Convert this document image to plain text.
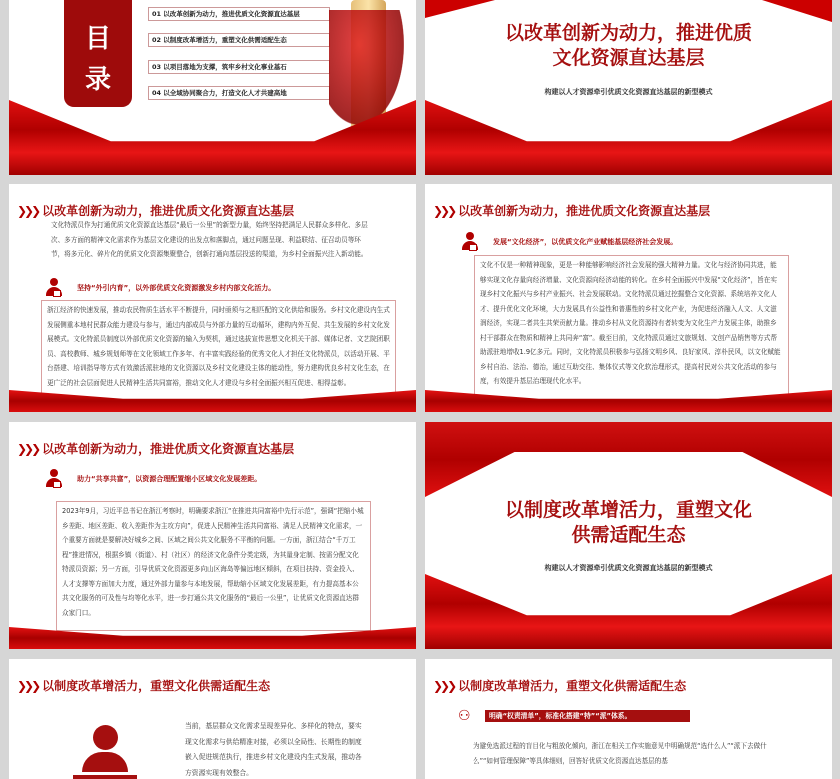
目
录
01 以改革创新为动力，推进优质文化资源直达基层
02 以制度改革增活力，重塑文化供需适配生态
03 以项目落地为支撑，筑牢乡村文化事业基石
04 以全域协同聚合力，打造文化人才共建高地
以改革创新为动力，推进优质
文化资源直达基层
构建以人才资源牵引优质文化资源直达基层的新型模式
❯❯❯ 以改革创新为动力，推进优质文化资源直达基层
文化特派员作为打通优质文化资源直达基层“最后一公里”的新型力量，始终坚持把满足人民群众多样化、多层次、多方面的精神文化需求作为基层文化建设的出发点和落脚点，通过问题呈现、利益联结、征召动员等环节，将多元化、碎片化的优质文化资源集聚整合，创新打通向基层投送的渠道，为乡村全面振兴注入新动能。
坚持“外引内育”，以外部优质文化资源激发乡村内部文化活力。
浙江经济的快速发展，推动农民物质生活水平不断提升，同时亟须与之相匹配的文化供给和服务。乡村文化建设内生式发展侧重本地村民群众能力建设与参与，通过内部成员与外部力量的互动循环，建构内外互促、共生发展的乡村文化发展模式。文化特派员制度以外部优质文化资源的输入为契机，通过选拔宣传思想文化机关干部、媒体记者、文艺院团职员、高校教师、城乡规划师等在文化领域工作多年、有丰富实践经验的优秀文化人才担任文化特派员，以活动开展、平台搭建、培训指导等方式有效激活派驻地的文化资源以及乡村文化建设主体的能动性，努力建构优良乡村文化生态，在更广泛的社会层面促进人民精神生活共同富裕，推动文化人才建设与乡村全面振兴相互促进、相得益彰。
❯❯❯ 以改革创新为动力，推进优质文化资源直达基层
发展“文化经济”，以优质文化产业赋能基层经济社会发展。
文化不仅是一种精神现象，更是一种能够影响经济社会发展的强大精神力量。文化与经济协同共进，能够实现文化存量向经济增量、文化资源向经济动能的转化。在乡村全面振兴中发展“文化经济”，旨在实现乡村文化振兴与乡村产业振兴、社会发展联动。文化特派员通过挖掘整合文化资源、系统培养文化人才、提升优化文化环境，大力发展具有公益性和普惠性的乡村文化产业，为促进经济融入人文、人文滋润经济，实现二者共生共荣贡献力量。推动乡村从文化资源持有者转变为文化生产力发展主体，助推乡村干部群众在物质和精神上共同奔“富”。截至目前，文化特派员通过文旅规划、文创产品销售等方式帮助派驻地增收1.9亿多元。同时，文化特派员积极参与弘扬文明乡风、良好家风、淳朴民风，以文化赋能乡村自治、法治、德治，通过互助交往、集体仪式等文化软治理形式，提高村民对公共文化活动的参与度，有效提升基层治理现代化水平。
❯❯❯ 以改革创新为动力，推进优质文化资源直达基层
助力“共享共富”，以资源合理配置缩小区域文化发展差距。
2023年9月，习近平总书记在浙江考察时，明确要求浙江“在推进共同富裕中先行示范”，强调“把缩小城乡差距、地区差距、收入差距作为主攻方向”，促进人民精神生活共同富裕、满足人民精神文化需求，一个重要方面就是要解决好城乡之间、区域之间公共文化服务不平衡的问题。一方面，浙江结合“千万工程”推进情况，根据乡镇（街道）、村（社区）的经济文化条件分类定级，为其量身定制、按需分配文化特派员资源；另一方面，引导优质文化资源更多向山区海岛等偏远地区倾斜，在项目扶持、资金投入、人才支撑等方面加大力度，通过外部力量参与本地发展，帮助缩小区域文化发展差距，有力提高基本公共文化服务的可及性与均等化水平，进一步打通公共文化服务的“最后一公里”，让优质文化资源直达群众家门口。
以制度改革增活力，重塑文化
供需适配生态
构建以人才资源牵引优质文化资源直达基层的新型模式
❯❯❯ 以制度改革增活力，重塑文化供需适配生态
当前，基层群众文化需求呈现差异化、多样化的特点，要实现文化需求与供给精准对接，必须以全局性、长期性的制度嵌入促进规范执行，推进乡村文化建设内生式发展，推动各方资源实现有效整合。
❯❯❯ 以制度改革增活力，重塑文化供需适配生态
⚇	明确“权责清单”，标准化搭建“特”“派”体系。
为避免选派过程的盲目化与粗放化倾向，浙江在相关工作实施意见中明确规范“选什么人”“派下去做什么”“如何管理保障”等具体细则，回答好优质文化资源直达基层的基
